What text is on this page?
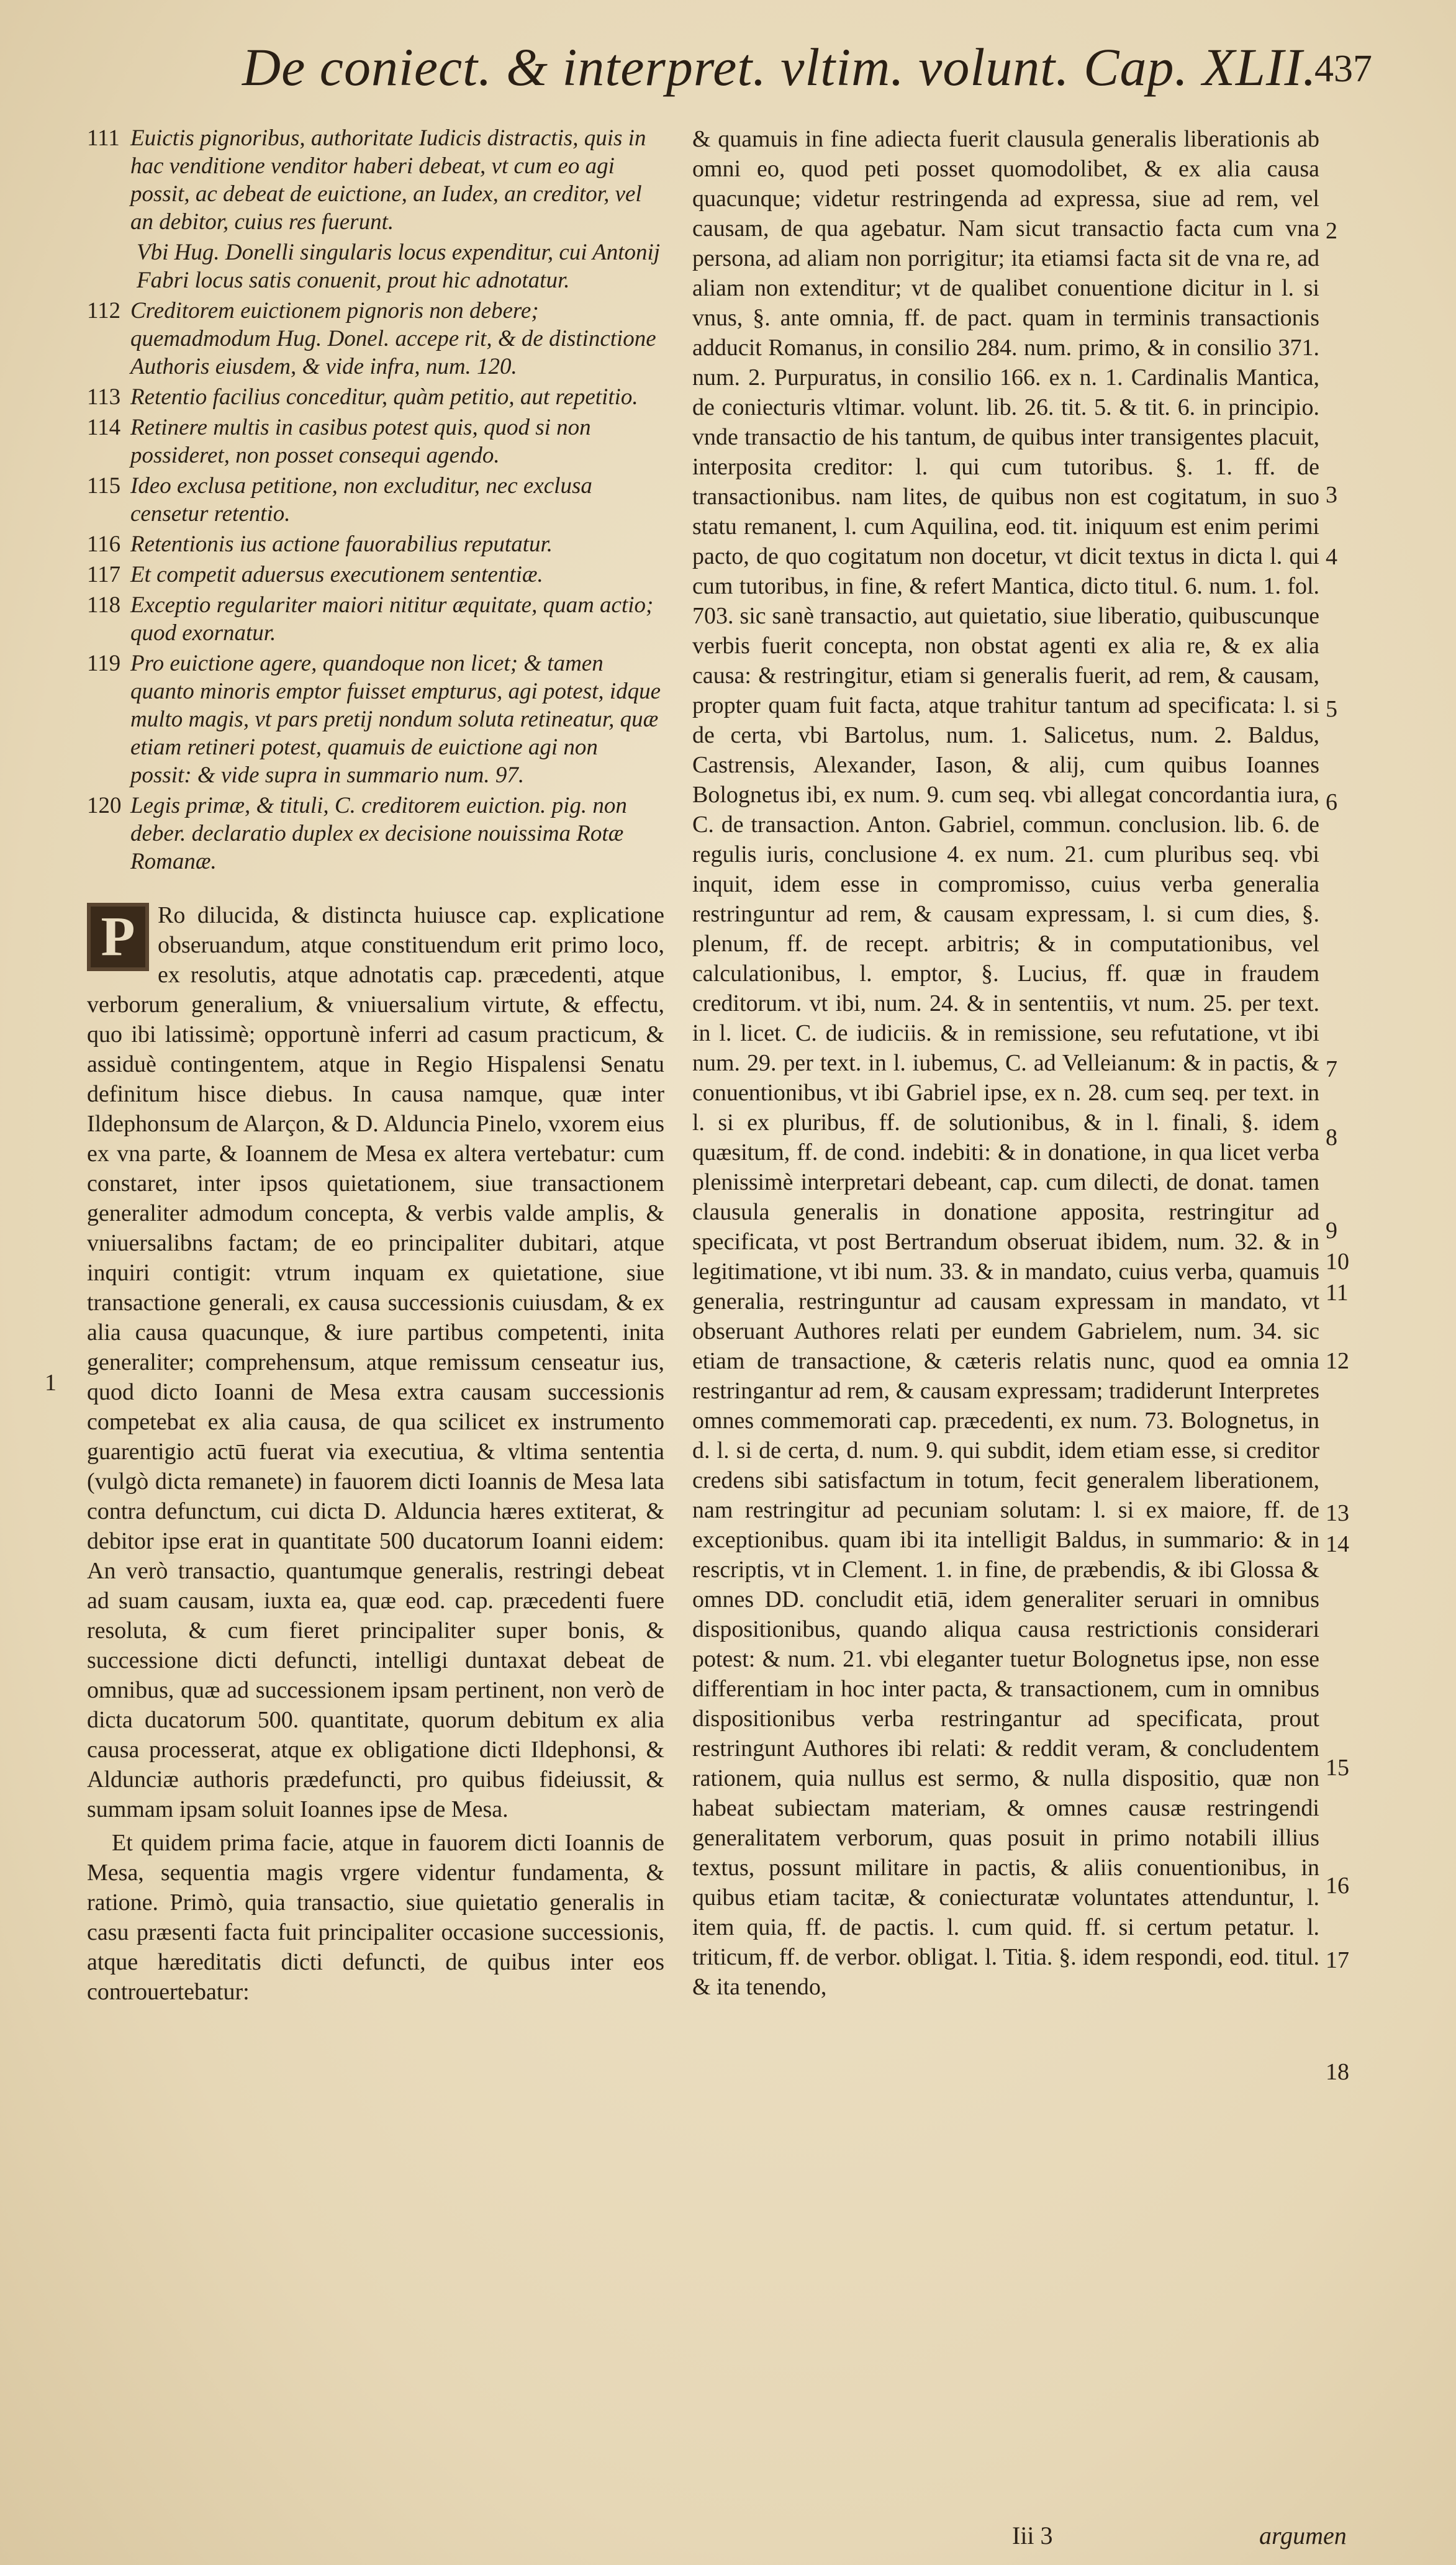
De coniect. & interpret. vltim. volunt. Cap. XLII.
437
111 Euictis pignoribus, authoritate Iudicis distractis, quis in hac venditione venditor haberi debeat, vt cum eo agi possit, ac debeat de euictione, an Iudex, an creditor, vel an debitor, cuius res fuerunt.
Vbi Hug. Donelli singularis locus expenditur, cui Antonij Fabri locus satis conuenit, prout hic adnotatur.
112 Creditorem euictionem pignoris non debere; quemadmodum Hug. Donel. accepe rit, & de distinctione Authoris eiusdem, & vide infra, num. 120.
113 Retentio facilius conceditur, quàm petitio, aut repetitio.
114 Retinere multis in casibus potest quis, quod si non possideret, non posset consequi agendo.
115 Ideo exclusa petitione, non excluditur, nec exclusa censetur retentio.
116 Retentionis ius actione fauorabilius reputatur.
117 Et competit aduersus executionem sententiæ.
118 Exceptio regulariter maiori nititur æquitate, quam actio; quod exornatur.
119 Pro euictione agere, quandoque non licet; & tamen quanto minoris emptor fuisset empturus, agi potest, idque multo magis, vt pars pretij nondum soluta retineatur, quæ etiam retineri potest, quamuis de euictione agi non possit: & vide supra in summario num. 97.
120 Legis primæ, & tituli, C. creditorem euiction. pig. non deber. declaratio duplex ex decisione nouissima Rotæ Romanæ.
P Ro dilucida, & distincta huiusce cap. explicatione obseruandum, atque constituendum erit primo loco, ex resolutis, atque adnotatis cap. præcedenti, atque verborum generalium, & vniuersalium virtute, & effectu, quo ibi latissimè; opportunè inferri ad casum practicum, & assiduè contingentem, atque in Regio Hispalensi Senatu definitum hisce diebus. In causa namque, quæ inter Ildephonsum de Alarçon, & D. Alduncia Pinelo, vxorem eius ex vna parte, & Ioannem de Mesa ex altera vertebatur: cum constaret, inter ipsos quietationem, siue transactionem generaliter admodum concepta, & verbis valde amplis, & vniuersalibns factam; de eo principaliter dubitari, atque inquiri contigit: vtrum inquam ex quietatione, siue transactione generali, ex causa successionis cuiusdam, & ex alia causa quacunque, & iure partibus competenti, inita generaliter; comprehensum, atque remissum censeatur ius, quod dicto Ioanni de Mesa extra causam successionis competebat ex alia causa, de qua scilicet ex instrumento guarentigio actū fuerat via executiua, & vltima sententia (vulgò dicta remanete) in fauorem dicti Ioannis de Mesa lata contra defunctum, cui dicta D. Aldunciа hæres extiterat, & debitor ipse erat in quantitate 500 ducatorum Ioanni eidem: An verò transactio, quantumque generalis, restringi debeat ad suam causam, iuxta ea, quæ eod. cap. præcedenti fuere resoluta, & cum fieret principaliter super bonis, & successione dicti defuncti, intelligi duntaxat debeat de omnibus, quæ ad successionem ipsam pertinent, non verò de dicta ducatorum 500. quantitate, quorum debitum ex alia causa processerat, atque ex obligatione dicti Ildephonsi, & Alduncіæ authoris prædefuncti, pro quibus fideiussit, & summam ipsam soluit Ioannes ipse de Mesa.

Et quidem prima facie, atque in fauorem dicti Ioannis de Mesa, sequentia magis vrgere videntur fundamenta, & ratione. Primò, quia transactio, siue quietatio generalis in casu præsenti facta fuit principaliter occasione successionis, atque hæreditatis dicti defuncti, de quibus inter eos controuertebatur:

1

& quamuis in fine adiecta fuerit clausula generalis liberationis ab omni eo, quod peti posset quomodolibet, & ex alia causa quacunque; videtur restringenda ad expressa, siue ad rem, vel causam, de qua agebatur. Nam sicut transactio facta cum vna persona, ad aliam non porrigitur; ita etiamsi facta sit de vna re, ad aliam non extenditur; vt de qualibet conuentione dicitur in l. si vnus, §. ante omnia, ff. de pact. quam in terminis transactionis adducit Romanus, in consilio 284. num. primo, & in consilio 371. num. 2. Purpuratus, in consilio 166. ex n. 1. Cardinalis Mantica, de coniecturis vltimar. volunt. lib. 26. tit. 5. & tit. 6. in principio. vnde transactio de his tantum, de quibus inter transigentes placuit, interposita creditor: l. qui cum tutoribus. §. 1. ff. de transactionibus. nam lites, de quibus non est cogitatum, in suo statu remanent, l. cum Aquilina, eod. tit. iniquum est enim perimi pacto, de quo cogitatum non docetur, vt dicit textus in dicta l. qui cum tutoribus, in fine, & refert Mantica, dicto titul. 6. num. 1. fol. 703. sic sanè transactio, aut quietatio, siue liberatio, quibuscunque verbis fuerit concepta, non obstat agenti ex alia re, & ex alia causa: & restringitur, etiam si generalis fuerit, ad rem, & causam, propter quam fuit facta, atque trahitur tantum ad specificata: l. si de certa, vbi Bartolus, num. 1. Salicetus, num. 2. Baldus, Castrensis, Alexander, Iason, & alij, cum quibus Ioannes Bolognetus ibi, ex num. 9. cum seq. vbi allegat concordantia iura, C. de transaction. Anton. Gabriel, commun. conclusion. lib. 6. de regulis iuris, conclusione 4. ex num. 21. cum pluribus seq. vbi inquit, idem esse in compromisso, cuius verba generalia restringuntur ad rem, & causam expressam, l. si cum dies, §. plenum, ff. de recept. arbitris; & in computationibus, vel calculationibus, l. emptor, §. Lucius, ff. quæ in fraudem creditorum. vt ibi, num. 24. & in sententiis, vt num. 25. per text. in l. licet. C. de iudiciis. & in remissione, seu refutatione, vt ibi num. 29. per text. in l. iubemus, C. ad Velleianum: & in pactis, & conuentionibus, vt ibi Gabriel ipse, ex n. 28. cum seq. per text. in l. si ex pluribus, ff. de solutionibus, & in l. finali, §. idem quæsitum, ff. de cond. indebiti: & in donatione, in qua licet verba plenissimè interpretari debeant, cap. cum dilecti, de donat. tamen clausula generalis in donatione apposita, restringitur ad specificata, vt post Bertrandum obseruat ibidem, num. 32. & in legitimatione, vt ibi num. 33. & in mandato, cuius verba, quamuis generalia, restringuntur ad causam expressam in mandato, vt obseruant Authores relati per eundem Gabrielem, num. 34. sic etiam de transactione, & cæteris relatis nunc, quod ea omnia restringantur ad rem, & causam expressam; tradiderunt Interpretes omnes commemorati cap. præcedenti, ex num. 73. Bolognetus, in d. l. si de certa, d. num. 9. qui subdit, idem etiam esse, si creditor credens sibi satisfactum in totum, fecit generalem liberationem, nam restringitur ad pecuniam solutam: l. si ex maiore, ff. de exceptionibus. quam ibi ita intelligit Baldus, in summario: & in rescriptis, vt in Clement. 1. in fine, de præbendis, & ibi Glossa & omnes DD. concludit etiā, idem generaliter seruari in omnibus dispositionibus, quando aliqua causa restrictionis considerari potest: & num. 21. vbi eleganter tuetur Bolognetus ipse, non esse differentiam in hoc inter pacta, & transactionem, cum in omnibus dispositionibus verba restringantur ad specificata, prout restringunt Authores ibi relati: & reddit veram, & concludentem rationem, quia nullus est sermo, & nulla dispositio, quæ non habeat subiectam materiam, & omnes causæ restringendi generalitatem verborum, quas posuit in primo notabili illius textus, possunt militare in pactis, & aliis conuentionibus, in quibus etiam tacitæ, & coniecturatæ voluntates attenduntur, l. item quia, ff. de pactis. l. cum quid. ff. si certum petatur. l. triticum, ff. de verbor. obligat. l. Titia. §. idem respondi, eod. titul. & ita tenendo,

2
3
4
5
6
7
8
9
10
11
12
13
14
15
16
17
18
Iii 3	argumen
